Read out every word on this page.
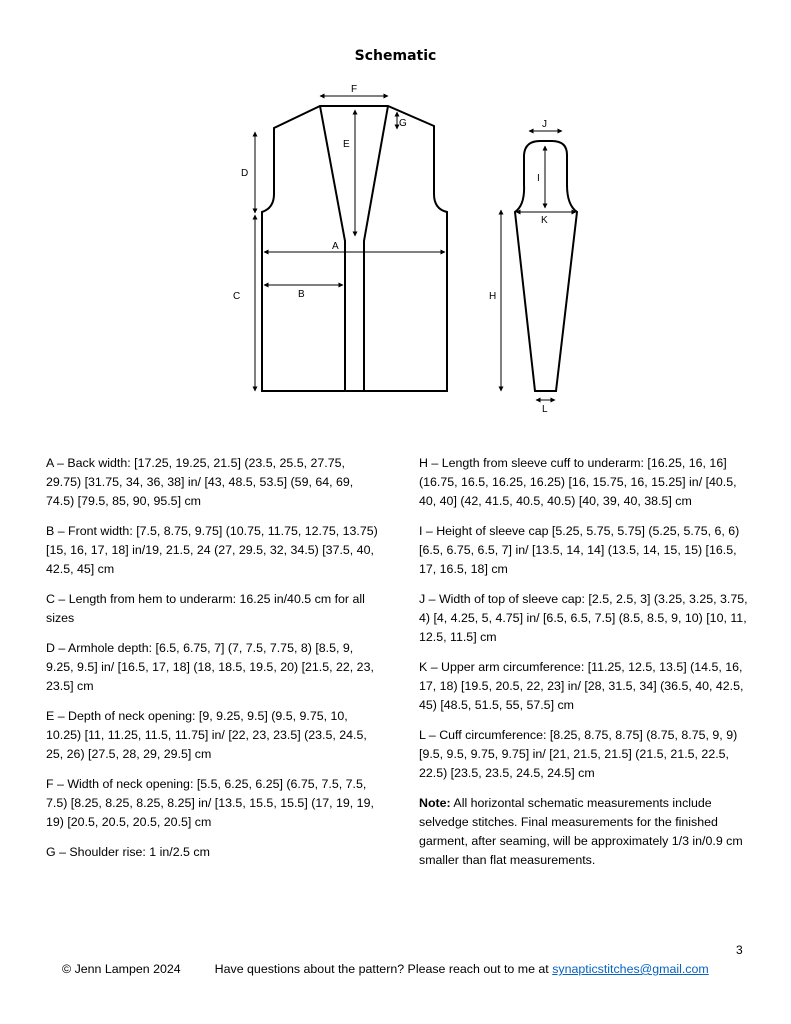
Schematic
F
E
G
D
C
A
B
J
I
K
H
L

A – Back width: [17.25, 19.25, 21.5] (23.5, 25.5, 27.75, 29.75) [31.75, 34, 36, 38] in/ [43, 48.5, 53.5] (59, 64, 69, 74.5) [79.5, 85, 90, 95.5] cm

B – Front width: [7.5, 8.75, 9.75] (10.75, 11.75, 12.75, 13.75) [15, 16, 17, 18] in/19, 21.5, 24 (27, 29.5, 32, 34.5) [37.5, 40, 42.5, 45] cm

C – Length from hem to underarm: 16.25 in/40.5 cm for all sizes

D – Armhole depth: [6.5, 6.75, 7] (7, 7.5, 7.75, 8) [8.5, 9, 9.25, 9.5] in/ [16.5, 17, 18] (18, 18.5, 19.5, 20) [21.5, 22, 23, 23.5] cm

E – Depth of neck opening: [9, 9.25, 9.5] (9.5, 9.75, 10, 10.25) [11, 11.25, 11.5, 11.75] in/ [22, 23, 23.5] (23.5, 24.5, 25, 26) [27.5, 28, 29, 29.5] cm

F – Width of neck opening: [5.5, 6.25, 6.25] (6.75, 7.5, 7.5, 7.5) [8.25, 8.25, 8.25, 8.25] in/ [13.5, 15.5, 15.5] (17, 19, 19, 19) [20.5, 20.5, 20.5, 20.5] cm

G – Shoulder rise: 1 in/2.5 cm

H – Length from sleeve cuff to underarm: [16.25, 16, 16] (16.75, 16.5, 16.25, 16.25) [16, 15.75, 16, 15.25] in/ [40.5, 40, 40] (42, 41.5, 40.5, 40.5) [40, 39, 40, 38.5] cm

I – Height of sleeve cap [5.25, 5.75, 5.75] (5.25, 5.75, 6, 6) [6.5, 6.75, 6.5, 7] in/ [13.5, 14, 14] (13.5, 14, 15, 15) [16.5, 17, 16.5, 18] cm

J – Width of top of sleeve cap: [2.5, 2.5, 3] (3.25, 3.25, 3.75, 4) [4, 4.25, 5, 4.75] in/ [6.5, 6.5, 7.5] (8.5, 8.5, 9, 10) [10, 11, 12.5, 11.5] cm

K – Upper arm circumference: [11.25, 12.5, 13.5] (14.5, 16, 17, 18) [19.5, 20.5, 22, 23] in/ [28, 31.5, 34] (36.5, 40, 42.5, 45) [48.5, 51.5, 55, 57.5] cm

L – Cuff circumference: [8.25, 8.75, 8.75] (8.75, 8.75, 9, 9) [9.5, 9.5, 9.75, 9.75] in/ [21, 21.5, 21.5] (21.5, 21.5, 22.5, 22.5) [23.5, 23.5, 24.5, 24.5] cm

Note: All horizontal schematic measurements include selvedge stitches. Final measurements for the finished garment, after seaming, will be approximately 1/3 in/0.9 cm smaller than flat measurements.

3
© Jenn Lampen 2024	Have questions about the pattern? Please reach out to me at synapticstitches@gmail.com
